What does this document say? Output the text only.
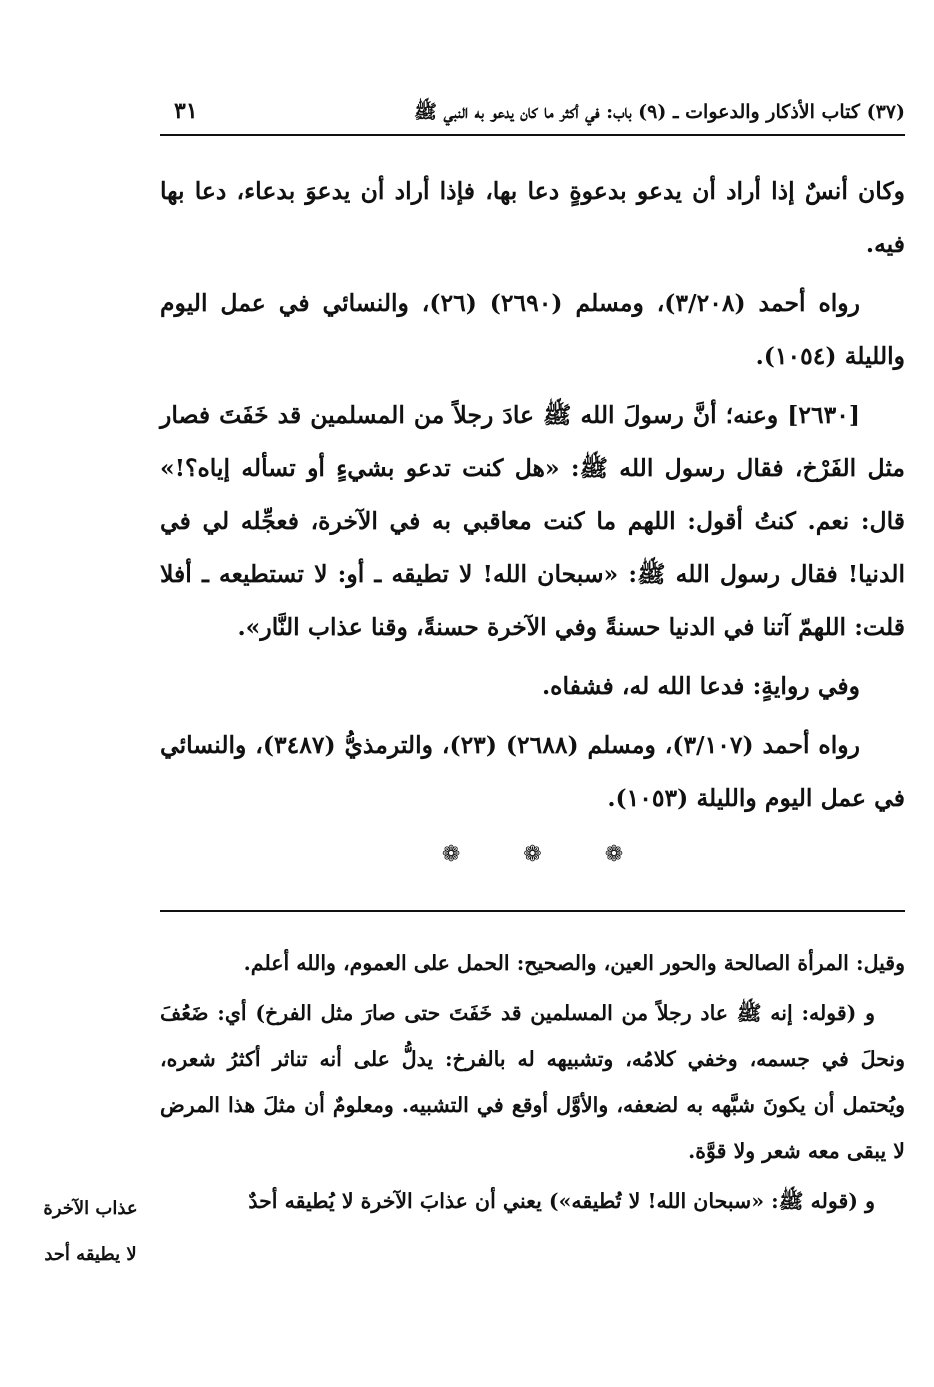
(٣٧) كتاب الأذكار والدعوات ـ (٩) باب: في أكثر ما كان يدعو به النبي ﷺ
٣١

وكان أنسٌ إذا أراد أن يدعو بدعوةٍ دعا بها، فإذا أراد أن يدعوَ بدعاء، دعا بها فيه.

رواه أحمد (٣/٢٠٨)، ومسلم (٢٦٩٠) (٢٦)، والنسائي في عمل اليوم والليلة (١٠٥٤).

[٢٦٣٠] وعنه؛ أنَّ رسولَ الله ﷺ عادَ رجلاً من المسلمين قد خَفَتَ فصار مثل الفَرْخ، فقال رسول الله ﷺ: «هل كنت تدعو بشيءٍ أو تسأله إياه؟!» قال: نعم. كنتُ أقول: اللهم ما كنت معاقبي به في الآخرة، فعجِّله لي في الدنيا! فقال رسول الله ﷺ: «سبحان الله! لا تطيقه ـ أو: لا تستطيعه ـ أفلا قلت: اللهمّ آتنا في الدنيا حسنةً وفي الآخرة حسنةً، وقنا عذاب النَّار».

وفي روايةٍ: فدعا الله له، فشفاه.

رواه أحمد (٣/١٠٧)، ومسلم (٢٦٨٨) (٢٣)، والترمذيُّ (٣٤٨٧)، والنسائي في عمل اليوم والليلة (١٠٥٣).

❁	❁	❁

وقيل: المرأة الصالحة والحور العين، والصحيح: الحمل على العموم، والله أعلم.

و (قوله: إنه ﷺ عاد رجلاً من المسلمين قد خَفَتَ حتى صارَ مثل الفرخ) أي: ضَعُفَ ونحلَ في جسمه، وخفي كلامُه، وتشبيهه له بالفرخ: يدلُّ على أنه تناثر أكثرُ شعره، ويُحتمل أن يكونَ شبَّهه به لضعفه، والأوَّل أوقع في التشبيه. ومعلومٌ أن مثلَ هذا المرض لا يبقى معه شعر ولا قوَّة.

و (قوله ﷺ: «سبحان الله! لا تُطيقه») يعني أن عذابَ الآخرة لا يُطيقه أحدٌ

عذاب الآخرة
لا يطيقه أحد
